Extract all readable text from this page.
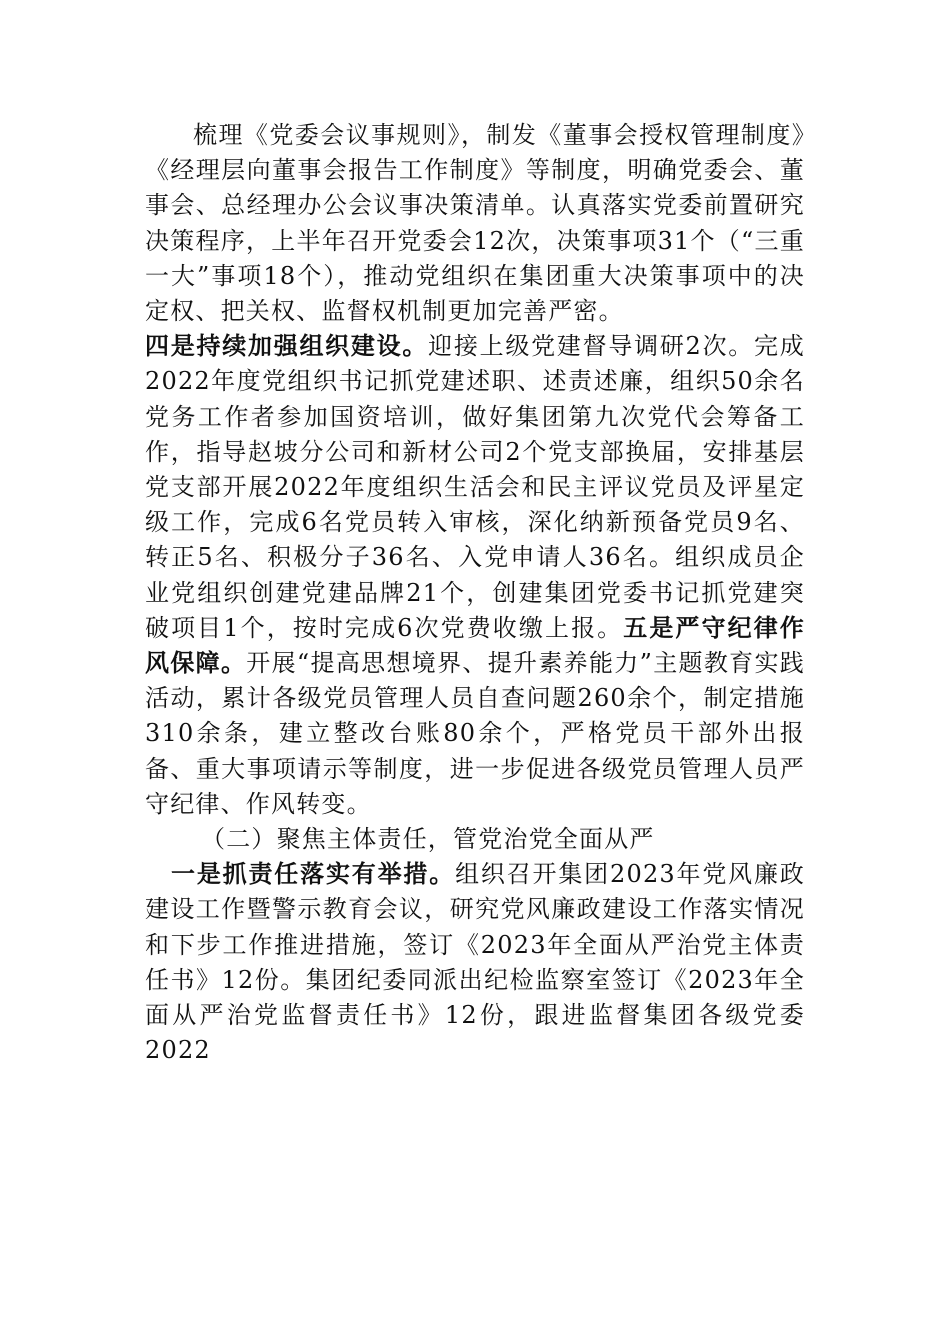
梳理《党委会议事规则》，制发《董事会授权管理制度》《经理层向董事会报告工作制度》等制度，明确党委会、董事会、总经理办公会议事决策清单。认真落实党委前置研究决策程序，上半年召开党委会12次，决策事项31个（“三重一大”事项18个），推动党组织在集团重大决策事项中的决定权、把关权、监督权机制更加完善严密。

四是持续加强组织建设。迎接上级党建督导调研2次。完成2022年度党组织书记抓党建述职、述责述廉，组织50余名党务工作者参加国资培训，做好集团第九次党代会筹备工作，指导赵坡分公司和新材公司2个党支部换届，安排基层党支部开展2022年度组织生活会和民主评议党员及评星定级工作，完成6名党员转入审核，深化纳新预备党员9名、转正5名、积极分子36名、入党申请人36名。组织成员企业党组织创建党建品牌21个，创建集团党委书记抓党建突破项目1个，按时完成6次党费收缴上报。五是严守纪律作风保障。开展“提高思想境界、提升素养能力”主题教育实践活动，累计各级党员管理人员自查问题260余个，制定措施310余条，建立整改台账80余个，严格党员干部外出报备、重大事项请示等制度，进一步促进各级党员管理人员严守纪律、作风转变。

（二）聚焦主体责任，管党治党全面从严

一是抓责任落实有举措。组织召开集团2023年党风廉政建设工作暨警示教育会议，研究党风廉政建设工作落实情况和下步工作推进措施，签订《2023年全面从严治党主体责任书》12份。集团纪委同派出纪检监察室签订《2023年全面从严治党监督责任书》12份，跟进监督集团各级党委2022
